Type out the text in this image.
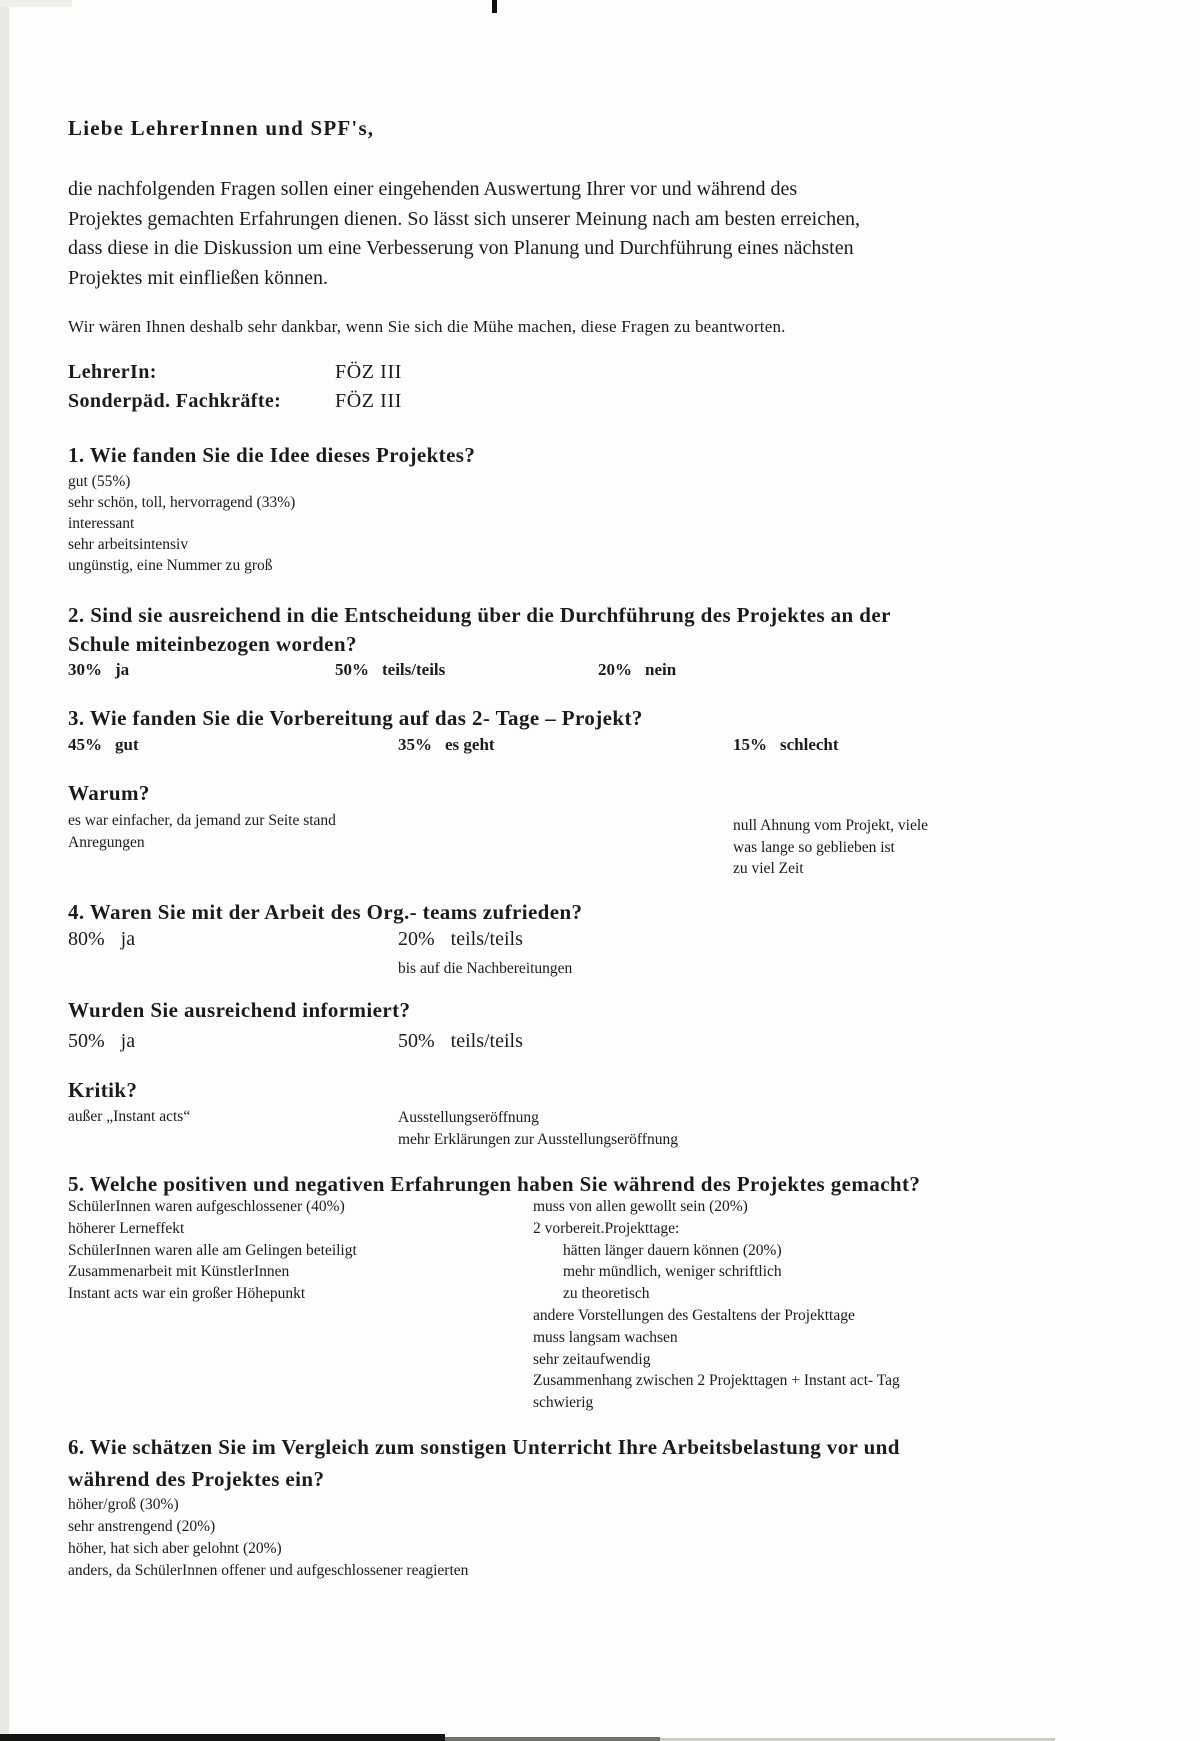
Liebe LehrerInnen und SPF's,
die nachfolgenden Fragen sollen einer eingehenden Auswertung Ihrer vor und während des
Projektes gemachten Erfahrungen dienen. So lässt sich unserer Meinung nach am besten erreichen,
dass diese in die Diskussion um eine Verbesserung von Planung und Durchführung eines nächsten
Projektes mit einfließen können.
Wir wären Ihnen deshalb sehr dankbar, wenn Sie sich die Mühe machen, diese Fragen zu beantworten.
LehrerIn:	FÖZ III
Sonderpäd. Fachkräfte:	FÖZ III
1. Wie fanden Sie die Idee dieses Projektes?
gut (55%)
sehr schön, toll, hervorragend (33%)
interessant
sehr arbeitsintensiv
ungünstig, eine Nummer zu groß
2. Sind sie ausreichend in die Entscheidung über die Durchführung des Projektes an der
Schule miteinbezogen worden?
30% ja	50% teils/teils	20% nein
3. Wie fanden Sie die Vorbereitung auf das 2- Tage – Projekt?
45% gut	35% es geht	15% schlecht
Warum?
es war einfacher, da jemand zur Seite stand
Anregungen
null Ahnung vom Projekt, viele
was lange so geblieben ist
zu viel Zeit
4. Waren Sie mit der Arbeit des Org.- teams zufrieden?
80% ja	20% teils/teils
bis auf die Nachbereitungen
Wurden Sie ausreichend informiert?
50% ja	50% teils/teils
Kritik?
außer „Instant acts“	Ausstellungseröffnung
mehr Erklärungen zur Ausstellungseröffnung
5. Welche positiven und negativen Erfahrungen haben Sie während des Projektes gemacht?
SchülerInnen waren aufgeschlossener (40%)
höherer Lerneffekt
SchülerInnen waren alle am Gelingen beteiligt
Zusammenarbeit mit KünstlerInnen
Instant acts war ein großer Höhepunkt
muss von allen gewollt sein (20%)
2 vorbereit.Projekttage:
hätten länger dauern können (20%)
mehr mündlich, weniger schriftlich
zu theoretisch
andere Vorstellungen des Gestaltens der Projekttage
muss langsam wachsen
sehr zeitaufwendig
Zusammenhang zwischen 2 Projekttagen + Instant act- Tag
schwierig
6. Wie schätzen Sie im Vergleich zum sonstigen Unterricht Ihre Arbeitsbelastung vor und
während des Projektes ein?
höher/groß (30%)
sehr anstrengend (20%)
höher, hat sich aber gelohnt (20%)
anders, da SchülerInnen offener und aufgeschlossener reagierten
